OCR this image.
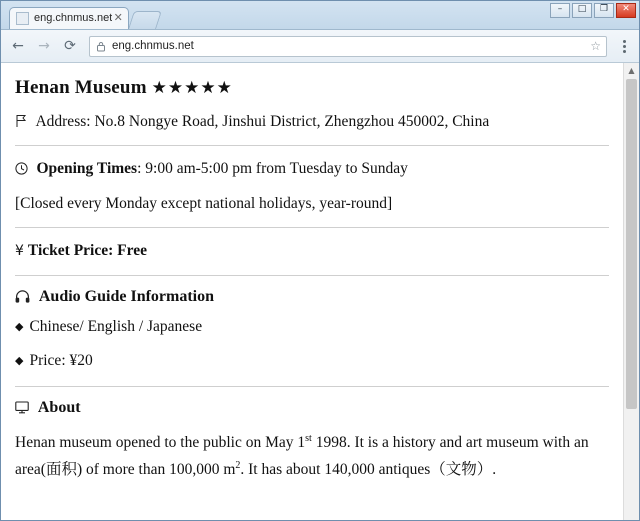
eng.chnmus.net ✕
–	□	❐	✕
←	→	⟳	eng.chnmus.net	☆
Henan Museum ★★★★★
Address: No.8 Nongye Road, Jinshui District, Zhengzhou 450002, China
Opening Times: 9:00 am-5:00 pm from Tuesday to Sunday
[Closed every Monday except national holidays, year-round]
¥ Ticket Price: Free
Audio Guide Information
◆ Chinese/ English / Japanese
◆ Price: ¥20
About

Henan museum opened to the public on May 1st 1998. It is a history and art museum with an area(面积) of more than 100,000 $m^2$. It has about 140,000 antiques（文物）.

▲
